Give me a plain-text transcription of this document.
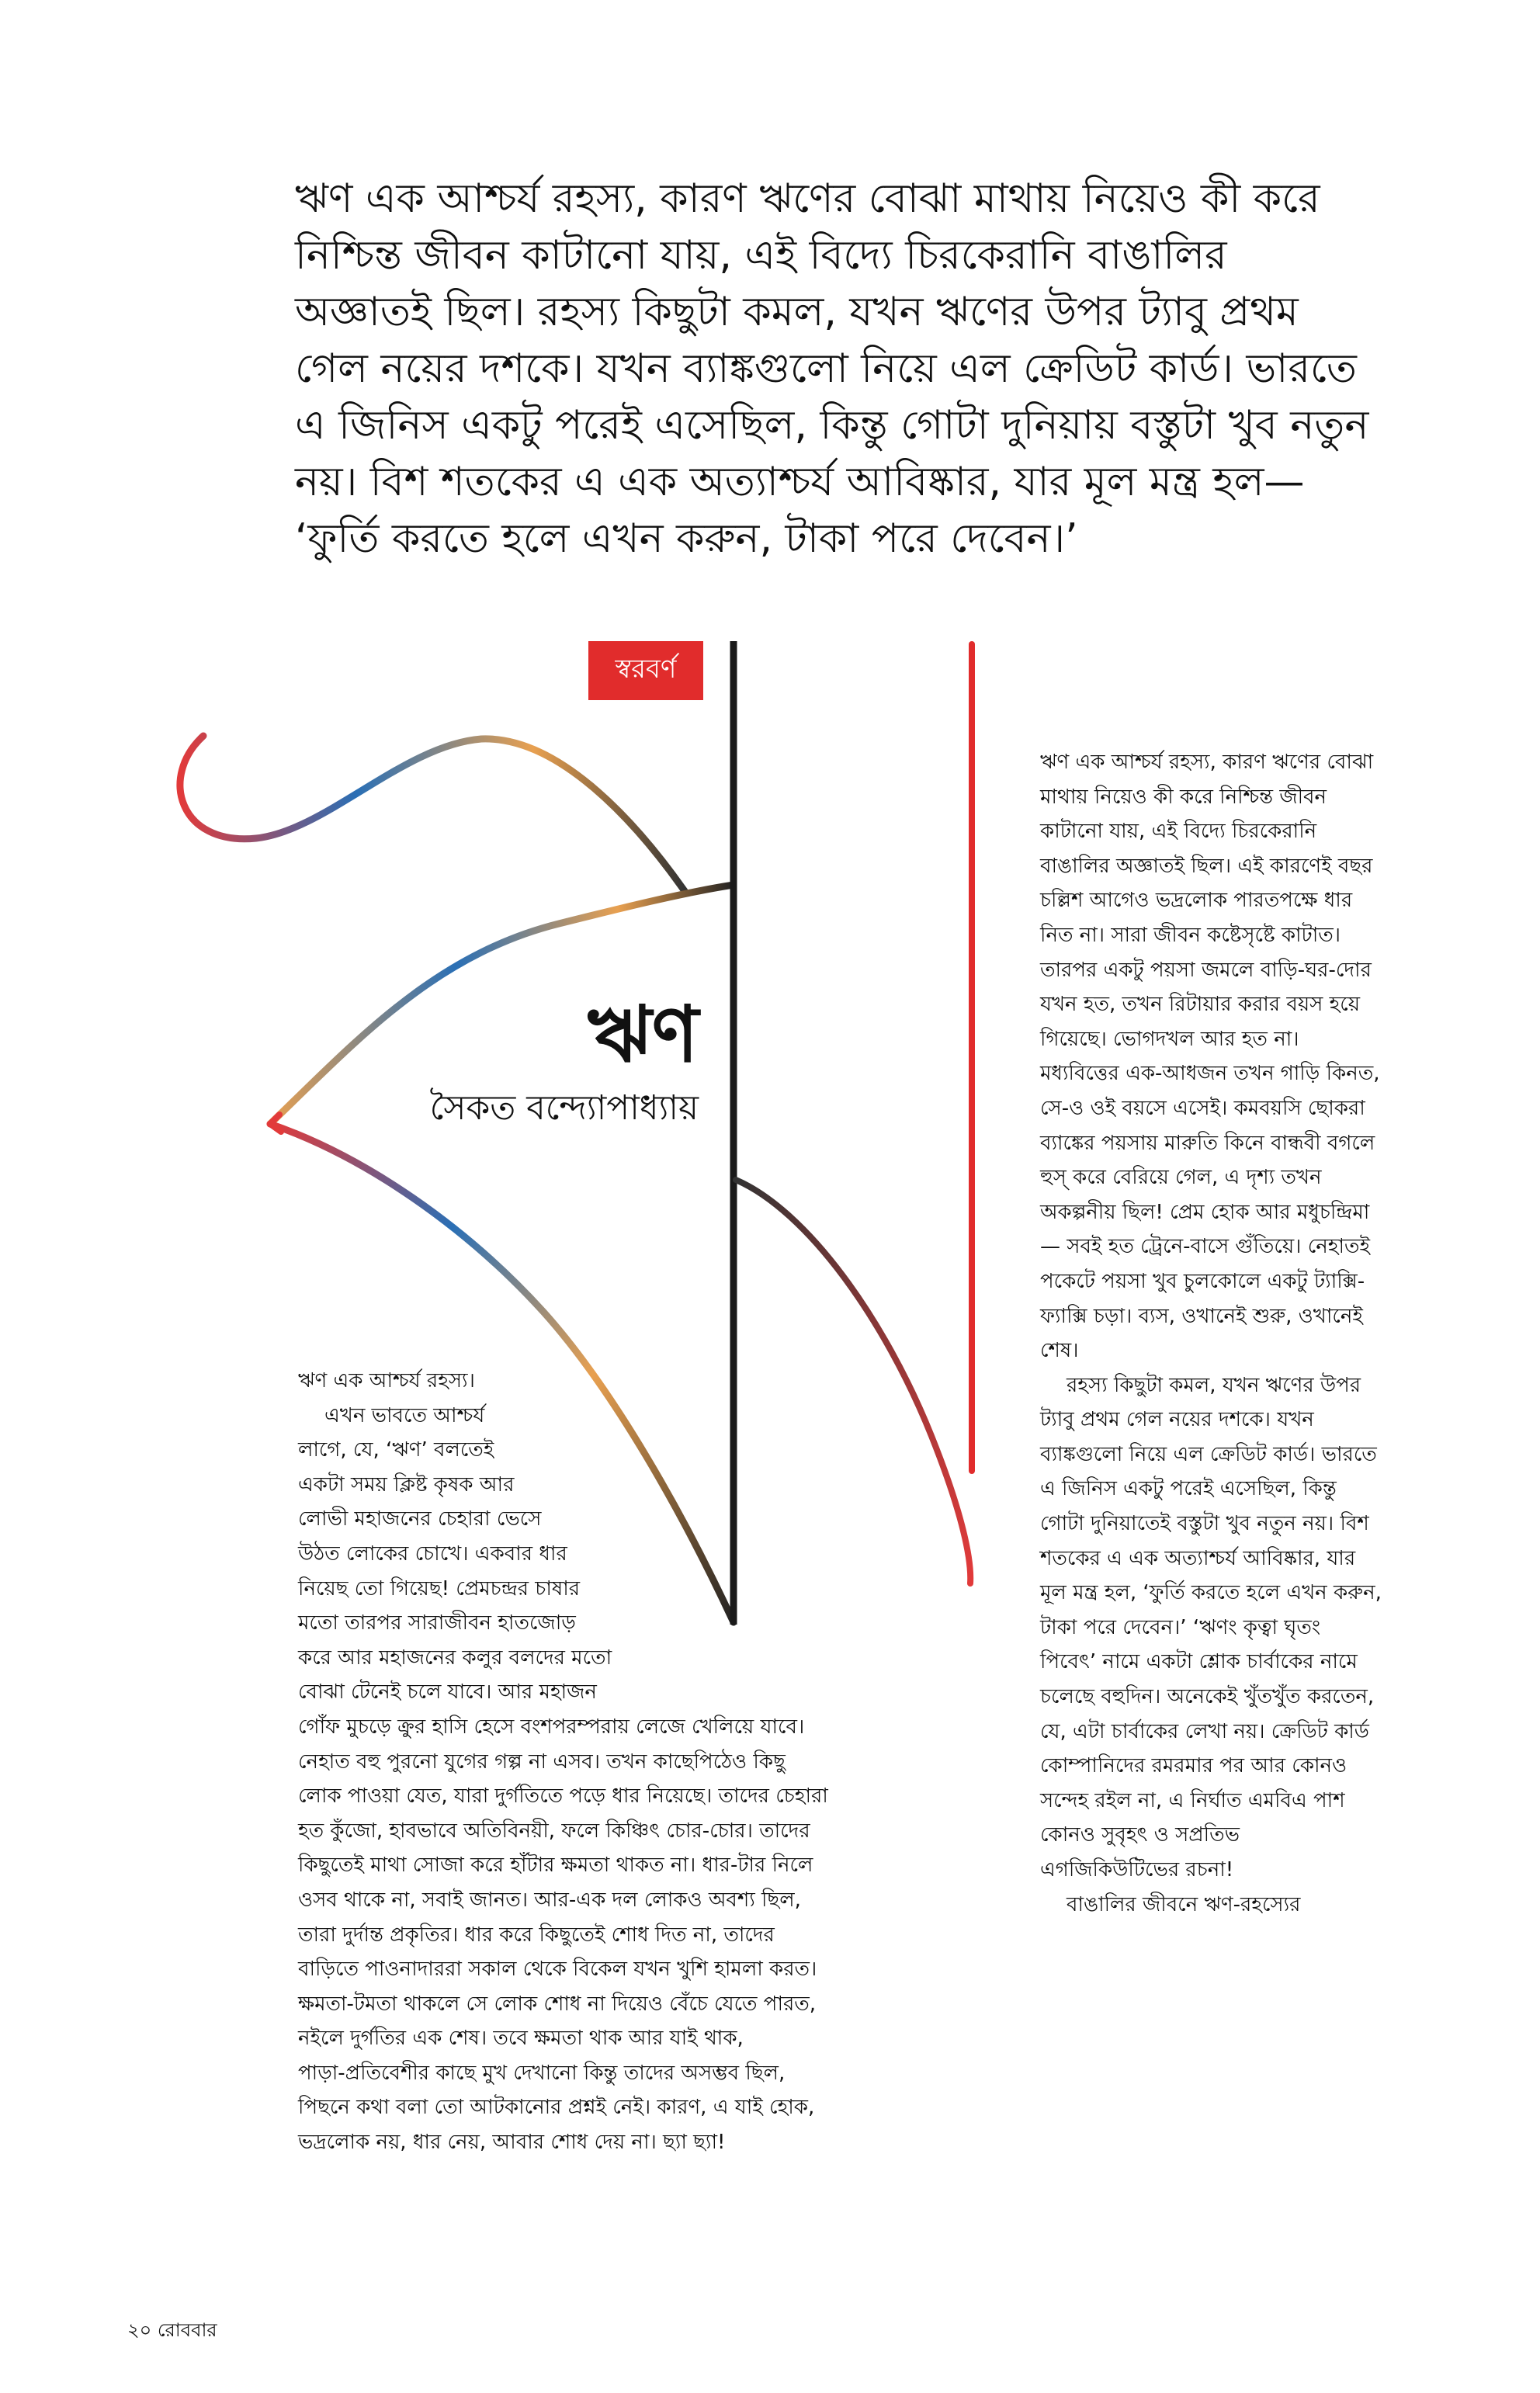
ঋণ এক আশ্চর্য রহস্য, কারণ ঋণের বোঝা মাথায় নিয়েও কী করে
নিশ্চিন্ত জীবন কাটানো যায়, এই বিদ্যে চিরকেরানি বাঙালির
অজ্ঞাতই ছিল। রহস্য কিছুটা কমল, যখন ঋণের উপর ট্যাবু প্রথম
গেল নয়ের দশকে। যখন ব্যাঙ্কগুলো নিয়ে এল ক্রেডিট কার্ড। ভারতে
এ জিনিস একটু পরেই এসেছিল, কিন্তু গোটা দুনিয়ায় বস্তুটা খুব নতুন
নয়। বিশ শতকের এ এক অত্যাশ্চর্য আবিষ্কার, যার মূল মন্ত্র হল—
‘ফুর্তি করতে হলে এখন করুন, টাকা পরে দেবেন।’
স্বরবর্ণ
ঋণ
সৈকত বন্দ্যোপাধ্যায়

ঋণ এক আশ্চর্য রহস্য, কারণ ঋণের বোঝা মাথায় নিয়েও কী করে নিশ্চিন্ত জীবন কাটানো যায়, এই বিদ্যে চিরকেরানি বাঙালির অজ্ঞাতই ছিল। এই কারণেই বছর চল্লিশ আগেও ভদ্রলোক পারতপক্ষে ধার নিত না। সারা জীবন কষ্টেসৃষ্টে কাটাত। তারপর একটু পয়সা জমলে বাড়ি-ঘর-দোর যখন হত, তখন রিটায়ার করার বয়স হয়ে গিয়েছে। ভোগদখল আর হত না। মধ্যবিত্তের এক-আধজন তখন গাড়ি কিনত, সে-ও ওই বয়সে এসেই। কমবয়সি ছোকরা ব্যাঙ্কের পয়সায় মারুতি কিনে বান্ধবী বগলে হুস্‌ করে বেরিয়ে গেল, এ দৃশ্য তখন অকল্পনীয় ছিল! প্রেম হোক আর মধুচন্দ্রিমা— সবই হত ট্রেনে-বাসে গুঁতিয়ে। নেহাতই পকেটে পয়সা খুব চুলকোলে একটু ট্যাক্সি-ফ্যাক্সি চড়া। ব্যস, ওখানেই শুরু, ওখানেই শেষ।

রহস্য কিছুটা কমল, যখন ঋণের উপর ট্যাবু প্রথম গেল নয়ের দশকে। যখন ব্যাঙ্কগুলো নিয়ে এল ক্রেডিট কার্ড। ভারতে এ জিনিস একটু পরেই এসেছিল, কিন্তু গোটা দুনিয়াতেই বস্তুটা খুব নতুন নয়। বিশ শতকের এ এক অত্যাশ্চর্য আবিষ্কার, যার মূল মন্ত্র হল, ‘ফুর্তি করতে হলে এখন করুন, টাকা পরে দেবেন।’ ‘ঋণং কৃত্বা ঘৃতং পিবেৎ’ নামে একটা শ্লোক চার্বাকের নামে চলেছে বহুদিন। অনেকেই খুঁতখুঁত করতেন, যে, এটা চার্বাকের লেখা নয়। ক্রেডিট কার্ড কোম্পানিদের রমরমার পর আর কোনও সন্দেহ রইল না, এ নির্ঘাত এমবিএ পাশ কোনও সুবৃহৎ ও সপ্রতিভ এগজিকিউটিভের রচনা!

বাঙালির জীবনে ঋণ-রহস্যের

ঋণ এক আশ্চর্য রহস্য।
এখন ভাবতে আশ্চর্য
লাগে, যে, ‘ঋণ’ বলতেই
একটা সময় ক্লিষ্ট কৃষক আর
লোভী মহাজনের চেহারা ভেসে
উঠত লোকের চোখে। একবার ধার
নিয়েছ তো গিয়েছ! প্রেমচন্দ্রর চাষার
মতো তারপর সারাজীবন হাতজোড়
করে আর মহাজনের কলুর বলদের মতো
বোঝা টেনেই চলে যাবে। আর মহাজন
গোঁফ মুচড়ে ক্রুর হাসি হেসে বংশপরম্পরায় লেজে খেলিয়ে যাবে।
নেহাত বহু পুরনো যুগের গল্প না এসব। তখন কাছেপিঠেও কিছু
লোক পাওয়া যেত, যারা দুর্গতিতে পড়ে ধার নিয়েছে। তাদের চেহারা
হত কুঁজো, হাবভাবে অতিবিনয়ী, ফলে কিঞ্চিৎ চোর-চোর। তাদের
কিছুতেই মাথা সোজা করে হাঁটার ক্ষমতা থাকত না। ধার-টার নিলে
ওসব থাকে না, সবাই জানত। আর-এক দল লোকও অবশ্য ছিল,
তারা দুর্দান্ত প্রকৃতির। ধার করে কিছুতেই শোধ দিত না, তাদের
বাড়িতে পাওনাদাররা সকাল থেকে বিকেল যখন খুশি হামলা করত।
ক্ষমতা-টমতা থাকলে সে লোক শোধ না দিয়েও বেঁচে যেতে পারত,
নইলে দুর্গতির এক শেষ। তবে ক্ষমতা থাক আর যাই থাক,
পাড়া-প্রতিবেশীর কাছে মুখ দেখানো কিন্তু তাদের অসম্ভব ছিল,
পিছনে কথা বলা তো আটকানোর প্রশ্নই নেই। কারণ, এ যাই হোক,
ভদ্রলোক নয়, ধার নেয়, আবার শোধ দেয় না। ছ্যা ছ্যা!
২০ রোববার
